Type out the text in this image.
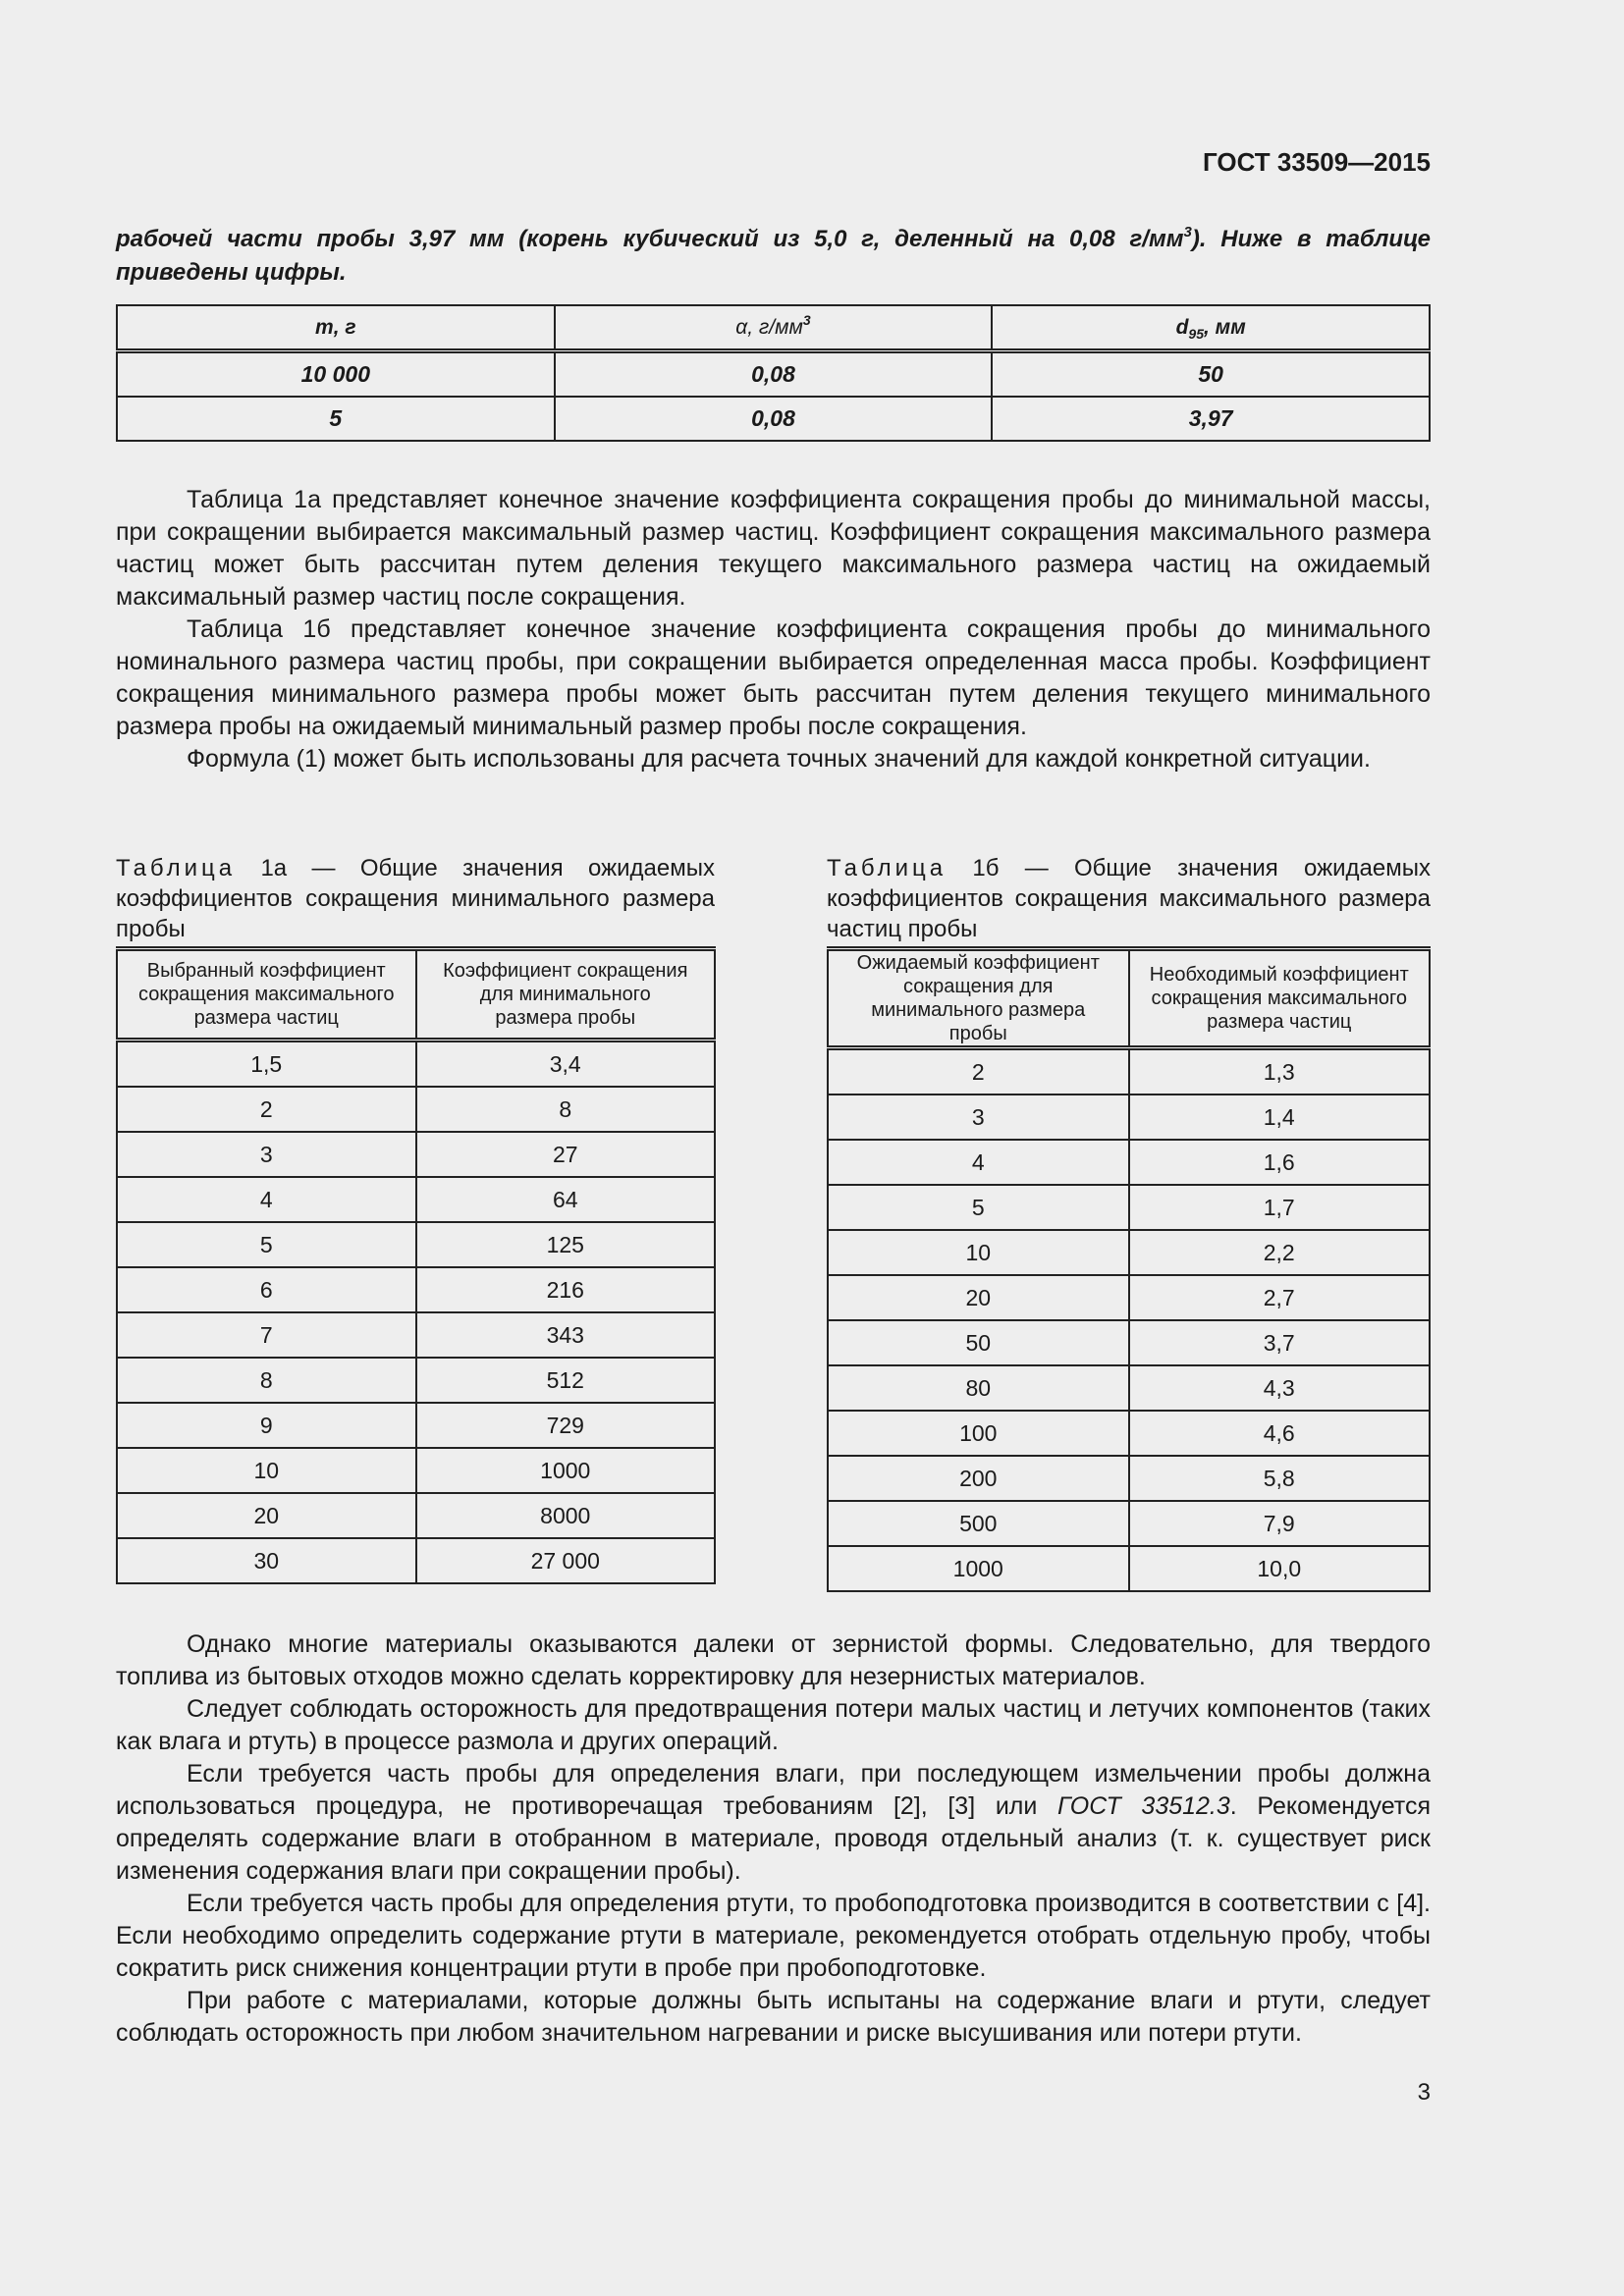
ГОСТ 33509—2015
рабочей части пробы 3,97 мм (корень кубический из 5,0 г, деленный на 0,08 $г/мм^3$). Ниже в таблице приведены цифры.
m, г	α, $г/мм^3$	$d_{95}$, мм
10 000	0,08	50
5	0,08	3,97

Таблица 1а представляет конечное значение коэффициента сокращения пробы до минимальной массы, при сокращении выбирается максимальный размер частиц. Коэффициент сокращения максимального размера частиц может быть рассчитан путем деления текущего максимального размера частиц на ожидаемый максимальный размер частиц после сокращения.

Таблица 1б представляет конечное значение коэффициента сокращения пробы до минимального номинального размера частиц пробы, при сокращении выбирается определенная масса пробы. Коэффициент сокращения минимального размера пробы может быть рассчитан путем деления текущего минимального размера пробы на ожидаемый минимальный размер пробы после сокращения.

Формула (1) может быть использованы для расчета точных значений для каждой конкретной ситуации.

Таблица 1а — Общие значения ожидаемых коэффициентов сокращения минимального размера пробы
Таблица 1б — Общие значения ожидаемых коэффициентов сокращения максимального размера частиц пробы
Выбранный коэффициент сокращения максимального размера частиц	Коэффициент сокращения для минимального размера пробы
1,5	3,4
2	8
3	27
4	64
5	125
6	216
7	343
8	512
9	729
10	1000
20	8000
30	27 000
Ожидаемый коэффициент сокращения для минимального размера пробы	Необходимый коэффициент сокращения максимального размера частиц
2	1,3
3	1,4
4	1,6
5	1,7
10	2,2
20	2,7
50	3,7
80	4,3
100	4,6
200	5,8
500	7,9
1000	10,0

Однако многие материалы оказываются далеки от зернистой формы. Следовательно, для твердого топлива из бытовых отходов можно сделать корректировку для незернистых материалов.

Следует соблюдать осторожность для предотвращения потери малых частиц и летучих компонентов (таких как влага и ртуть) в процессе размола и других операций.

Если требуется часть пробы для определения влаги, при последующем измельчении пробы должна использоваться процедура, не противоречащая требованиям [2], [3] или ГОСТ 33512.3. Рекомендуется определять содержание влаги в отобранном в материале, проводя отдельный анализ (т. к. существует риск изменения содержания влаги при сокращении пробы).

Если требуется часть пробы для определения ртути, то пробоподготовка производится в соответствии с [4]. Если необходимо определить содержание ртути в материале, рекомендуется отобрать отдельную пробу, чтобы сократить риск снижения концентрации ртути в пробе при пробоподготовке.

При работе с материалами, которые должны быть испытаны на содержание влаги и ртути, следует соблюдать осторожность при любом значительном нагревании и риске высушивания или потери ртути.

3
